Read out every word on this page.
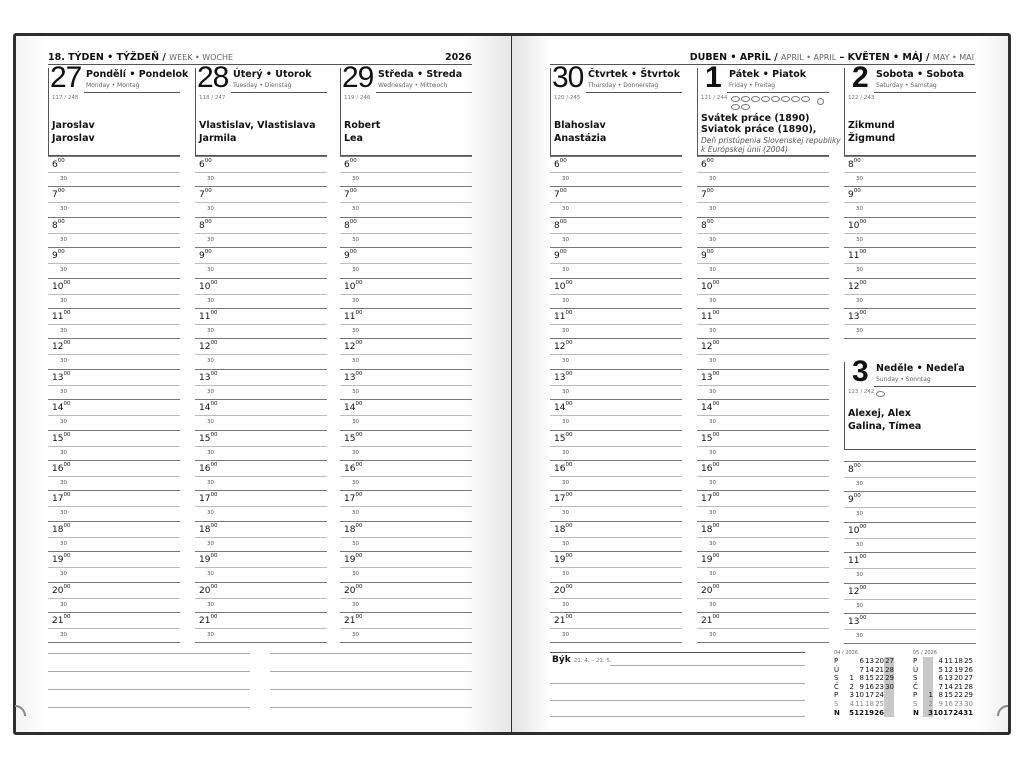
18. TÝDEN • TÝŽDEŇ / WEEK • WOCHE	2026	DUBEN • APRÍL / APRIL • APRIL – KVĚTEN • MÁJ / MAY • MAI
27 Pondělí • Pondelok
Monday • Montag
117 / 248
Jaroslav
Jaroslav
$6^{00}$
30
$7^{00}$
30
$8^{00}$
30
$9^{00}$
30
$10^{00}$
30
$11^{00}$
30
$12^{00}$
30
$13^{00}$
30
$14^{00}$
30
$15^{00}$
30
$16^{00}$
30
$17^{00}$
30
$18^{00}$
30
$19^{00}$
30
$20^{00}$
30
$21^{00}$
30
28 Úterý • Utorok
Tuesday • Dienstag
118 / 247
Vlastislav, Vlastislava
Jarmila
$6^{00}$
30
$7^{00}$
30
$8^{00}$
30
$9^{00}$
30
$10^{00}$
30
$11^{00}$
30
$12^{00}$
30
$13^{00}$
30
$14^{00}$
30
$15^{00}$
30
$16^{00}$
30
$17^{00}$
30
$18^{00}$
30
$19^{00}$
30
$20^{00}$
30
$21^{00}$
30
29 Středa • Streda
Wednesday • Mittwoch
119 / 246
Robert
Lea
$6^{00}$
30
$7^{00}$
30
$8^{00}$
30
$9^{00}$
30
$10^{00}$
30
$11^{00}$
30
$12^{00}$
30
$13^{00}$
30
$14^{00}$
30
$15^{00}$
30
$16^{00}$
30
$17^{00}$
30
$18^{00}$
30
$19^{00}$
30
$20^{00}$
30
$21^{00}$
30
30 Čtvrtek • Štvrtok
Thursday • Donnerstag
120 / 245
Blahoslav
Anastázia
$6^{00}$
30
$7^{00}$
30
$8^{00}$
30
$9^{00}$
30
$10^{00}$
30
$11^{00}$
30
$12^{00}$
30
$13^{00}$
30
$14^{00}$
30
$15^{00}$
30
$16^{00}$
30
$17^{00}$
30
$18^{00}$
30
$19^{00}$
30
$20^{00}$
30
$21^{00}$
30
1 Pátek • Piatok
Friday • Freitag
121 / 244
Svátek práce (1890)
Sviatok práce (1890),
Deň pristúpenia Slovenskej republiky
k Európskej únii (2004)
$6^{00}$
30
$7^{00}$
30
$8^{00}$
30
$9^{00}$
30
$10^{00}$
30
$11^{00}$
30
$12^{00}$
30
$13^{00}$
30
$14^{00}$
30
$15^{00}$
30
$16^{00}$
30
$17^{00}$
30
$18^{00}$
30
$19^{00}$
30
$20^{00}$
30
$21^{00}$
30
2 Sobota • Sobota
Saturday • Samstag
122 / 243
Zikmund
Žigmund
$8^{00}$
30
$9^{00}$
30
$10^{00}$
30
$11^{00}$
30
$12^{00}$
30
$13^{00}$
30
3 Neděle • Nedeľa
Sunday • Sonntag
123 / 242
Alexej, Alex
Galina, Tímea
$8^{00}$
30
$9^{00}$
30
$10^{00}$
30
$11^{00}$
30
$12^{00}$
30
$13^{00}$
30
Býk 21. 4. – 21. 5.
04 / 2026
P		6	13	20	27
Ú		7	14	21	28
S	1	8	15	22	29
Č	2	9	16	23	30
P	3	10	17	24	
S	4	11	18	25	
N	5	12	19	26	
05 / 2026
P		4	11	18	25
Ú		5	12	19	26
S		6	13	20	27
Č		7	14	21	28
P	1	8	15	22	29
S	2	9	16	23	30
N	3	10	17	24	31
